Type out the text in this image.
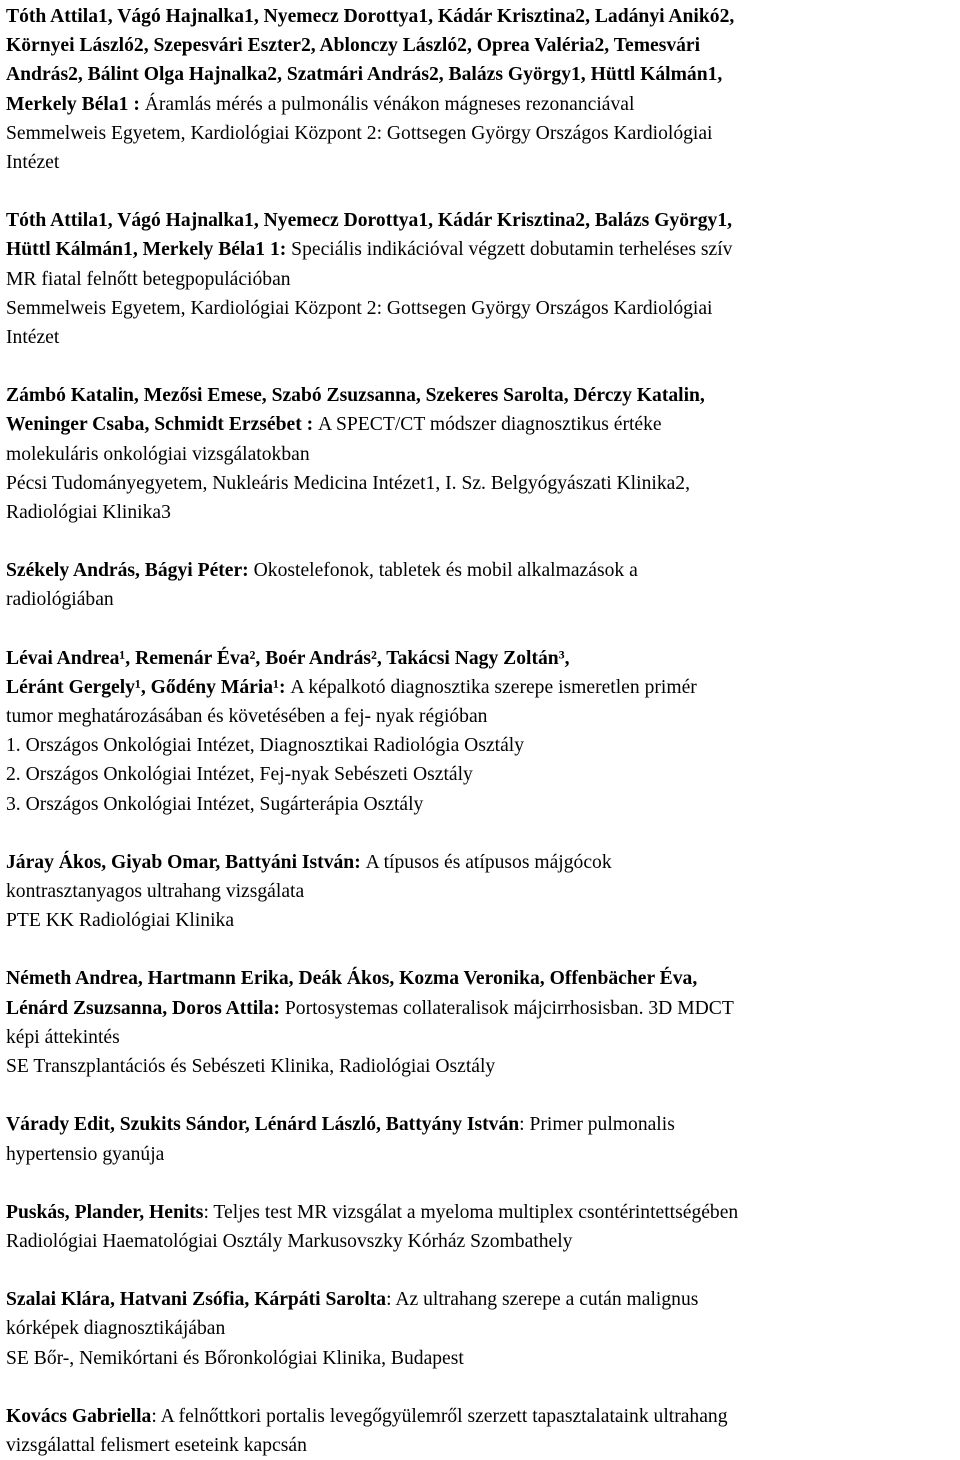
Tóth Attila1, Vágó Hajnalka1, Nyemecz Dorottya1, Kádár Krisztina2, Ladányi Anikó2,
Környei László2, Szepesvári Eszter2, Ablonczy László2, Oprea Valéria2, Temesvári
András2, Bálint Olga Hajnalka2, Szatmári András2, Balázs György1, Hüttl Kálmán1,
Merkely Béla1 : Áramlás mérés a pulmonális vénákon mágneses rezonanciával
Semmelweis Egyetem, Kardiológiai Központ 2: Gottsegen György Országos Kardiológiai
Intézet
Tóth Attila1, Vágó Hajnalka1, Nyemecz Dorottya1, Kádár Krisztina2, Balázs György1,
Hüttl Kálmán1, Merkely Béla1 1: Speciális indikációval végzett dobutamin terheléses szív
MR fiatal felnőtt betegpopulációban
Semmelweis Egyetem, Kardiológiai Központ 2: Gottsegen György Országos Kardiológiai
Intézet
Zámbó Katalin, Mezősi Emese, Szabó Zsuzsanna, Szekeres Sarolta, Dérczy Katalin,
Weninger Csaba, Schmidt Erzsébet : A SPECT/CT módszer diagnosztikus értéke
molekuláris onkológiai vizsgálatokban
Pécsi Tudományegyetem, Nukleáris Medicina Intézet1, I. Sz. Belgyógyászati Klinika2,
Radiológiai Klinika3
Székely András, Bágyi Péter: Okostelefonok, tabletek és mobil alkalmazások a
radiológiában
Lévai Andrea¹, Remenár Éva², Boér András², Takácsi Nagy Zoltán³,
Léránt Gergely¹, Gődény Mária¹: A képalkotó diagnosztika szerepe ismeretlen primér
tumor meghatározásában és követésében a fej- nyak régióban
1. Országos Onkológiai Intézet, Diagnosztikai Radiológia Osztály
2. Országos Onkológiai Intézet, Fej-nyak Sebészeti Osztály
3. Országos Onkológiai Intézet, Sugárterápia Osztály
Járay Ákos, Giyab Omar, Battyáni István: A típusos és atípusos májgócok
kontrasztanyagos ultrahang vizsgálata
PTE KK Radiológiai Klinika
Németh Andrea, Hartmann Erika, Deák Ákos, Kozma Veronika, Offenbächer Éva,
Lénárd Zsuzsanna, Doros Attila: Portosystemas collateralisok májcirrhosisban. 3D MDCT
képi áttekintés
SE Transzplantációs és Sebészeti Klinika, Radiológiai Osztály
Várady Edit, Szukits Sándor, Lénárd László, Battyány István: Primer pulmonalis
hypertensio gyanúja
Puskás, Plander, Henits: Teljes test MR vizsgálat a myeloma multiplex csontérintettségében
Radiológiai Haematológiai Osztály Markusovszky Kórház Szombathely
Szalai Klára, Hatvani Zsófia, Kárpáti Sarolta: Az ultrahang szerepe a cután malignus
kórképek diagnosztikájában
SE Bőr-, Nemikórtani és Bőronkológiai Klinika, Budapest
Kovács Gabriella: A felnőttkori portalis levegőgyülemről szerzett tapasztalataink ultrahang
vizsgálattal felismert eseteink kapcsán
